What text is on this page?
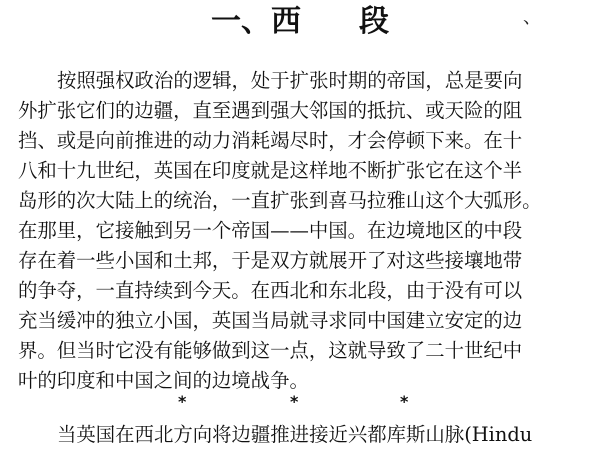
一、西 段	、
按照强权政治的逻辑，处于扩张时期的帝国，总是要向
外扩张它们的边疆，直至遇到强大邻国的抵抗、或天险的阻
挡、或是向前推进的动力消耗竭尽时，才会停顿下来。在十
八和十九世纪，英国在印度就是这样地不断扩张它在这个半
岛形的次大陆上的统治，一直扩张到喜马拉雅山这个大弧形。
在那里，它接触到另一个帝国——中国。在边境地区的中段
存在着一些小国和土邦，于是双方就展开了对这些接壤地带
的争夺，一直持续到今天。在西北和东北段，由于没有可以
充当缓冲的独立小国，英国当局就寻求同中国建立安定的边
界。但当时它没有能够做到这一点，这就导致了二十世纪中
叶的印度和中国之间的边境战争。
*	*	*
当英国在西北方向将边疆推进接近兴都库斯山脉(Hindu
